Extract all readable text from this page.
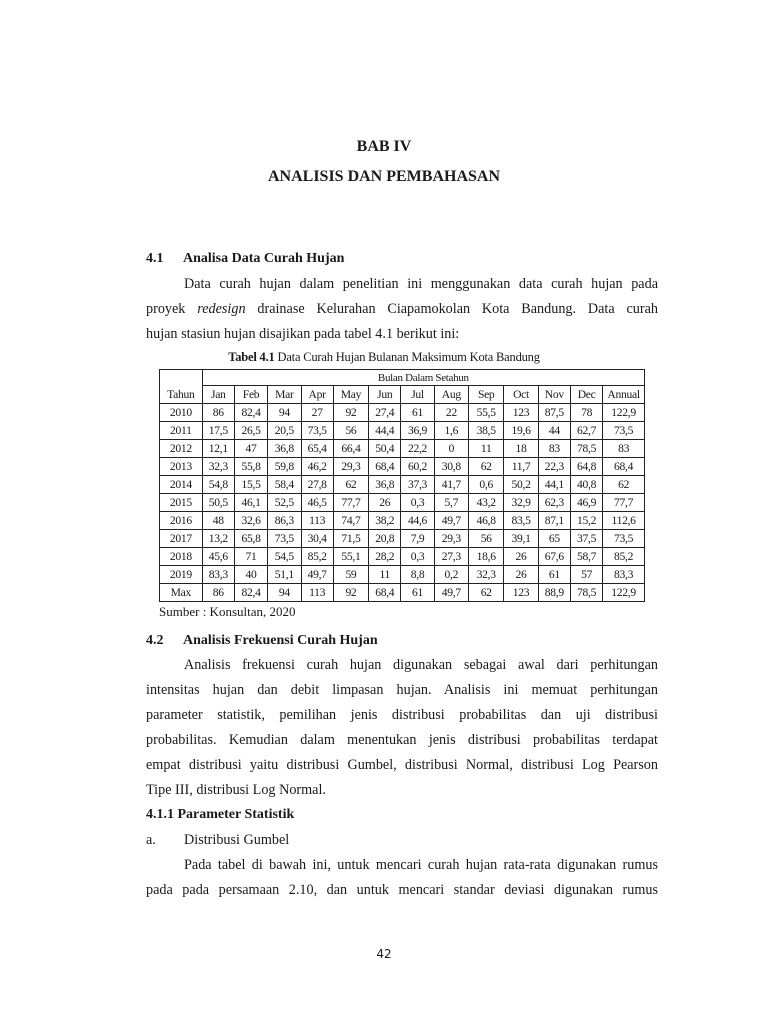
BAB IV
ANALISIS DAN PEMBAHASAN
4.1 Analisa Data Curah Hujan
Data curah hujan dalam penelitian ini menggunakan data curah hujan pada
proyek redesign drainase Kelurahan Ciapamokolan Kota Bandung. Data curah
hujan stasiun hujan disajikan pada tabel 4.1 berikut ini:
Tabel 4.1 Data Curah Hujan Bulanan Maksimum Kota Bandung
	Bulan Dalam Setahun												
Tahun	Jan	Feb	Mar	Apr	May	Jun	Jul	Aug	Sep	Oct	Nov	Dec	Annual
2010	86	82,4	94	27	92	27,4	61	22	55,5	123	87,5	78	122,9
2011	17,5	26,5	20,5	73,5	56	44,4	36,9	1,6	38,5	19,6	44	62,7	73,5
2012	12,1	47	36,8	65,4	66,4	50,4	22,2	0	11	18	83	78,5	83
2013	32,3	55,8	59,8	46,2	29,3	68,4	60,2	30,8	62	11,7	22,3	64,8	68,4
2014	54,8	15,5	58,4	27,8	62	36,8	37,3	41,7	0,6	50,2	44,1	40,8	62
2015	50,5	46,1	52,5	46,5	77,7	26	0,3	5,7	43,2	32,9	62,3	46,9	77,7
2016	48	32,6	86,3	113	74,7	38,2	44,6	49,7	46,8	83,5	87,1	15,2	112,6
2017	13,2	65,8	73,5	30,4	71,5	20,8	7,9	29,3	56	39,1	65	37,5	73,5
2018	45,6	71	54,5	85,2	55,1	28,2	0,3	27,3	18,6	26	67,6	58,7	85,2
2019	83,3	40	51,1	49,7	59	11	8,8	0,2	32,3	26	61	57	83,3
Max	86	82,4	94	113	92	68,4	61	49,7	62	123	88,9	78,5	122,9
Sumber : Konsultan, 2020
4.2 Analisis Frekuensi Curah Hujan
Analisis frekuensi curah hujan digunakan sebagai awal dari perhitungan
intensitas hujan dan debit limpasan hujan. Analisis ini memuat perhitungan
parameter statistik, pemilihan jenis distribusi probabilitas dan uji distribusi
probabilitas. Kemudian dalam menentukan jenis distribusi probabilitas terdapat
empat distribusi yaitu distribusi Gumbel, distribusi Normal, distribusi Log Pearson
Tipe III, distribusi Log Normal.
4.1.1 Parameter Statistik
a. Distribusi Gumbel
Pada tabel di bawah ini, untuk mencari curah hujan rata-rata digunakan rumus
pada pada persamaan 2.10, dan untuk mencari standar deviasi digunakan rumus
42
